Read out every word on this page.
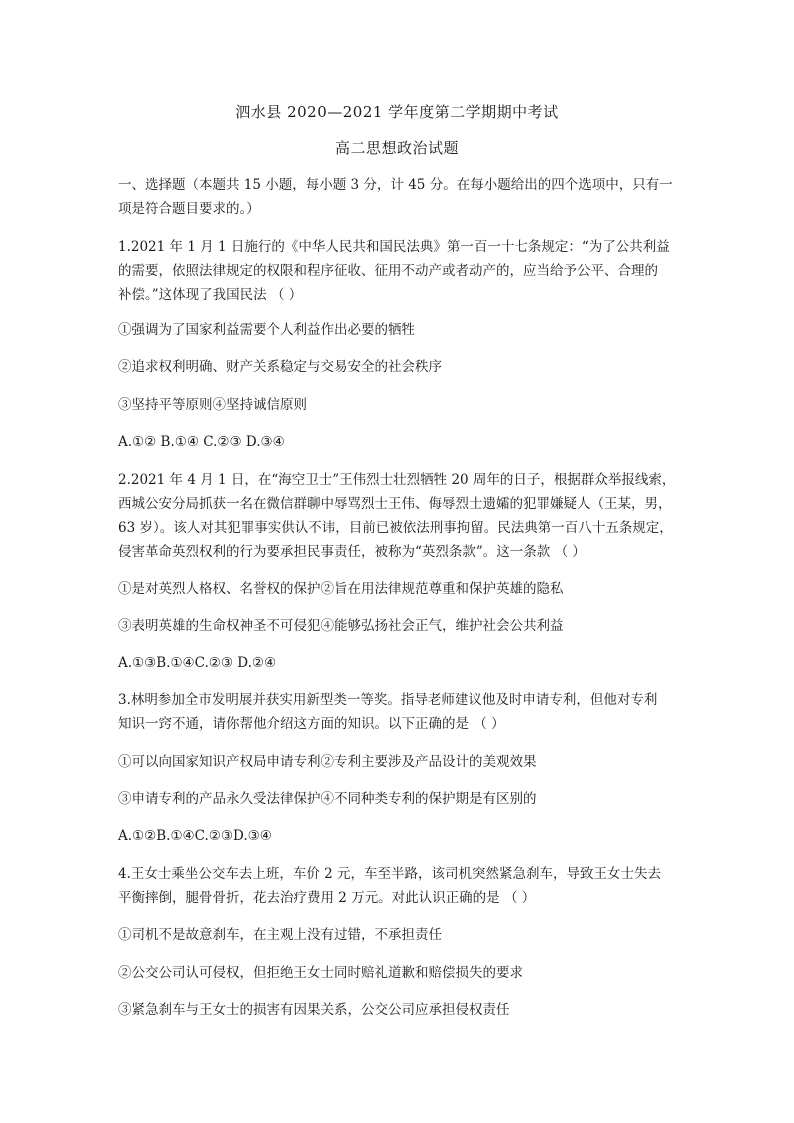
泗水县 2020—2021 学年度第二学期期中考试
高二思想政治试题
一、选择题（本题共 15 小题，每小题 3 分，计 45 分。在每小题给出的四个选项中，只有一
项是符合题目要求的。）
1.2021 年 1 月 1 日施行的《中华人民共和国民法典》第一百一十七条规定：“为了公共利益
的需要，依照法律规定的权限和程序征收、征用不动产或者动产的，应当给予公平、合理的
补偿。”这体现了我国民法 （ ）
①强调为了国家利益需要个人利益作出必要的牺牲
②追求权利明确、财产关系稳定与交易安全的社会秩序
③坚持平等原则④坚持诚信原则
A.①② B.①④ C.②③ D.③④
2.2021 年 4 月 1 日，在“海空卫士”王伟烈士壮烈牺牲 20 周年的日子，根据群众举报线索，
西城公安分局抓获一名在微信群聊中辱骂烈士王伟、侮辱烈士遗孀的犯罪嫌疑人（王某，男，
63 岁）。该人对其犯罪事实供认不讳，目前已被依法刑事拘留。民法典第一百八十五条规定，
侵害革命英烈权利的行为要承担民事责任，被称为“英烈条款”。这一条款 （ ）
①是对英烈人格权、名誉权的保护②旨在用法律规范尊重和保护英雄的隐私
③表明英雄的生命权神圣不可侵犯④能够弘扬社会正气，维护社会公共利益
A.①③B.①④C.②③ D.②④
3.林明参加全市发明展并获实用新型类一等奖。指导老师建议他及时申请专利，但他对专利
知识一窍不通，请你帮他介绍这方面的知识。以下正确的是 （ ）
①可以向国家知识产权局申请专利②专利主要涉及产品设计的美观效果
③申请专利的产品永久受法律保护④不同种类专利的保护期是有区别的
A.①②B.①④C.②③D.③④
4.王女士乘坐公交车去上班，车价 2 元，车至半路，该司机突然紧急刹车，导致王女士失去
平衡摔倒，腿骨骨折，花去治疗费用 2 万元。对此认识正确的是 （ ）
①司机不是故意刹车，在主观上没有过错，不承担责任
②公交公司认可侵权，但拒绝王女士同时赔礼道歉和赔偿损失的要求
③紧急刹车与王女士的损害有因果关系，公交公司应承担侵权责任
